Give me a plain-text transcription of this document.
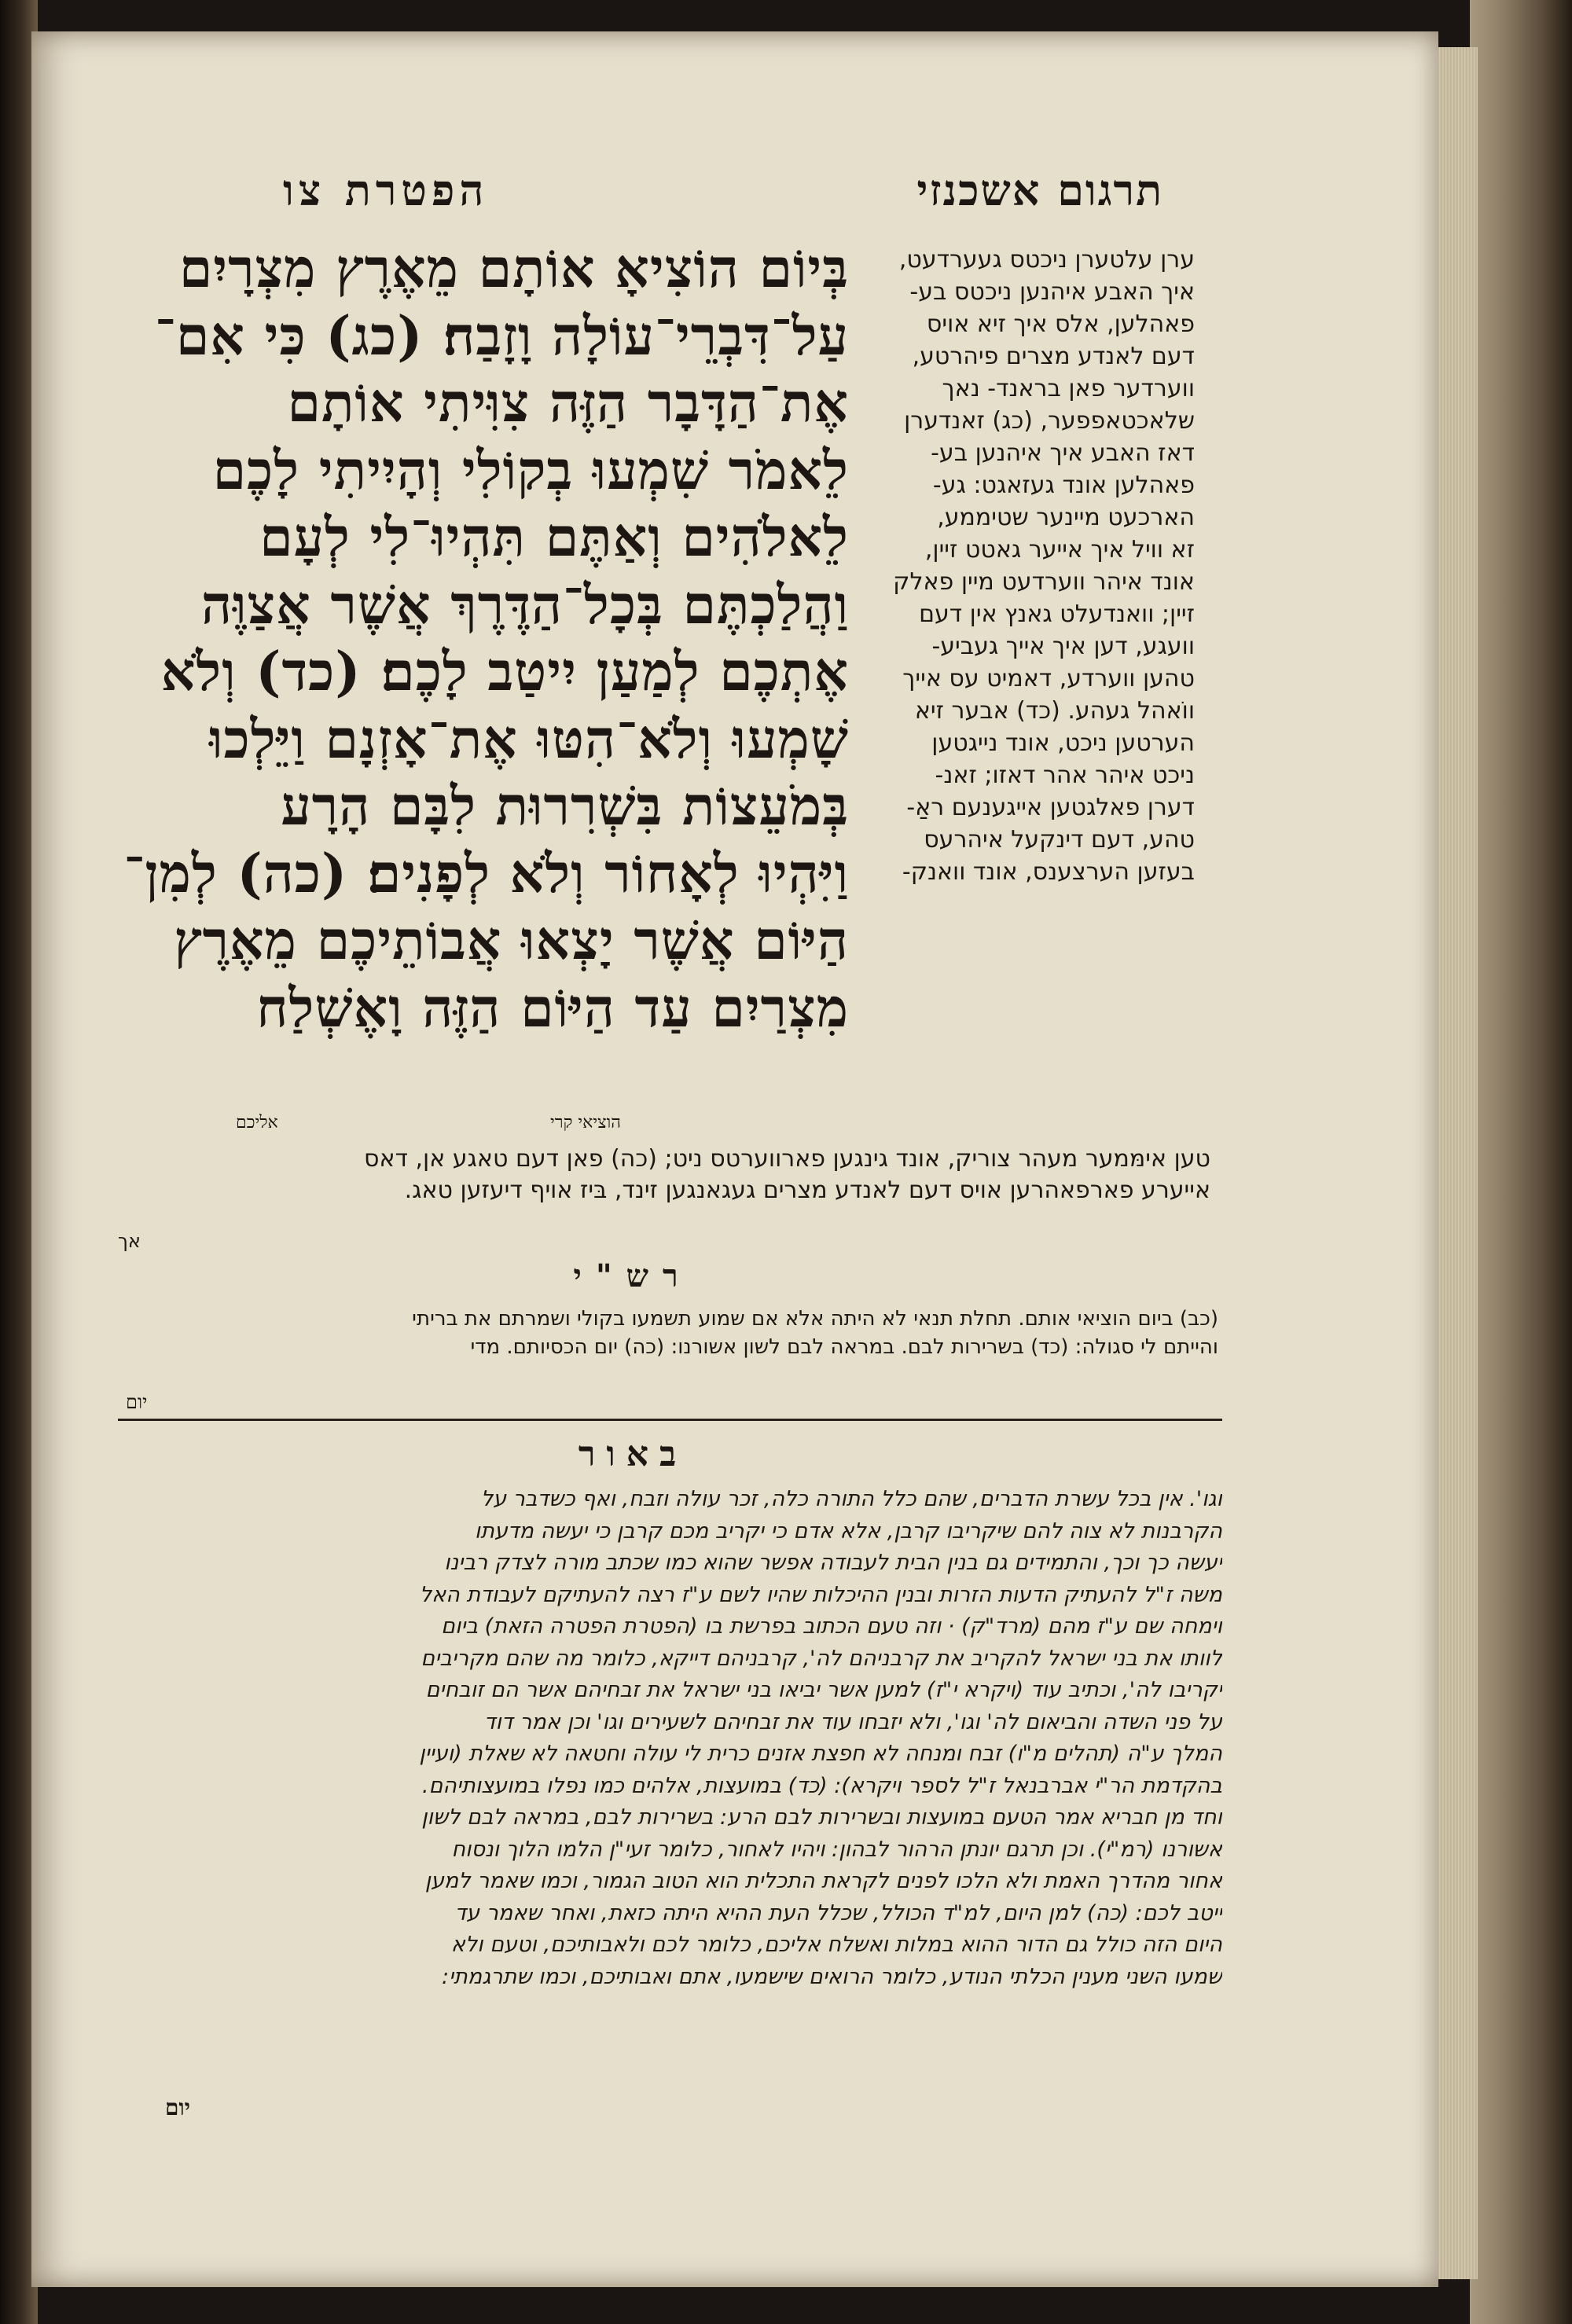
תרגום אשכנזי
הפטרת צו
בְּיוֹם הוֹצִיאָ אוֹתָם מֵאֶרֶץ מִצְרָיִם
עַל־דִּבְרֵי־עוֹלָה וָזָבַח׃ (כג) כִּי אִם־
אֶת־הַדָּבָר הַזֶּה צִוִּיתִי אוֹתָם
לֵאמֹר שִׁמְעוּ בְקוֹלִי וְהָיִיתִי לָכֶם
לֵאלֹהִים וְאַתֶּם תִּהְיוּ־לִי לְעָם
וַהֲלַכְתֶּם בְּכָל־הַדֶּרֶךְ אֲשֶׁר אֲצַוֶּה
אֶתְכֶם לְמַעַן יִיטַב לָכֶם׃ (כד) וְלֹא
שָׁמְעוּ וְלֹא־הִטּוּ אֶת־אָזְנָם וַיֵּלְכוּ
בְּמֹעֵצוֹת בִּשְׁרִרוּת לִבָּם הָרָע
וַיִּהְיוּ לְאָחוֹר וְלֹא לְפָנִים׃ (כה) לְמִן־
הַיּוֹם אֲשֶׁר יָצְאוּ אֲבוֹתֵיכֶם מֵאֶרֶץ
מִצְרַיִם עַד הַיּוֹם הַזֶּה וָאֶשְׁלַח
ערן עלטערן ניכטס געערדעט,
איך האבע איהנען ניכטס בע-
פאהלען, אלס איך זיא אויס
דעם לאנדע מצרים פיהרטע,
ווערדער פאן בראנד- נאך
שלאכטאפפער, (כג) זאנדערן
דאז האבע איך איהנען בע-
פאהלען אונד געזאגט: גע-
הארכעט מיינער שטיממע,
זא וויל איך אייער גאטט זיין,
אונד איהר ווערדעט מיין פאלק
זיין; וואנדעלט גאנץ אין דעם
וועגע, דען איך אייך געביע-
טהען ווערדע, דאמיט עס אייך
ווֹאהל געהע. (כד) אבער זיא
הערטען ניכט, אונד נייגטען
ניכט איהר אהר דאזו; זאנ-
דערן פאלגטען אייגענעם ראַ-
טהע, דעם דינקעל איהרעס
בעזען הערצענס, אונד וואנק-
אליכם	הוציאי קרי
טען אימּמער מעהר צוריק, אונד גינגען פארווערטס ניט; (כה) פאן דעם טאגע אן, דאס
אייערע פארפאהרען אויס דעם לאנדע מצרים געגאנגען זינד, בּיז אויף דיעזען טאג.
אך
רש"י
(כב) ביום הוציאי אותם. תחלת תנאי לא היתה אלא אם שמוע תשמעו בקולי ושמרתם את בריתי
והייתם לי סגולה: (כד) בשרירות לבם. במראה לבם לשון אשורנו: (כה) יום הכסיותם. מדי
יום
באור
וגו'. אין בכל עשרת הדברים, שהם כלל התורה כלה, זכר עולה וזבח, ואף כשדבר על
הקרבנות לא צוה להם שיקריבו קרבן, אלא אדם כי יקריב מכם קרבן כי יעשה מדעתו
יעשה כך וכך, והתמידים גם בנין הבית לעבודה אפשר שהוא כמו שכתב מורה לצדק רבינו
משה ז"ל להעתיק הדעות הזרות ובנין ההיכלות שהיו לשם ע"ז רצה להעתיקם לעבודת האל
וימחה שם ע"ז מהם (מרד"ק) · וזה טעם הכתוב בפרשת בו (הפטרת הפטרה הזאת) ביום
לוותו את בני ישראל להקריב את קרבניהם לה', קרבניהם דייקא, כלומר מה שהם מקריבים
יקריבו לה', וכתיב עוד (ויקרא י"ז) למען אשר יביאו בני ישראל את זבחיהם אשר הם זובחים
על פני השדה והביאום לה' וגו', ולא יזבחו עוד את זבחיהם לשעירים וגו' וכן אמר דוד
המלך ע"ה (תהלים מ"ו) זבח ומנחה לא חפצת אזנים כרית לי עולה וחטאה לא שאלת (ועיין
בהקדמת הר"י אברבנאל ז"ל לספר ויקרא): (כד) במועצות, אלהים כמו נפלו במועצותיהם.
וחד מן חבריא אמר הטעם במועצות ובשרירות לבם הרע: בשרירות לבם, במראה לבם לשון
אשורנו (רמ"י). וכן תרגם יונתן הרהור לבהון: ויהיו לאחור, כלומר זעי"ן הלמו הלוך ונסוח
אחור מהדרך האמת ולא הלכו לפנים לקראת התכלית הוא הטוב הגמור, וכמו שאמר למען
ייטב לכם: (כה) למן היום, למ"ד הכולל, שכלל העת ההיא היתה כזאת, ואחר שאמר עד
היום הזה כולל גם הדור ההוא במלות ואשלח אליכם, כלומר לכם ולאבותיכם, וטעם ולא
שמעו השני מענין הכלתי הנודע, כלומר הרואים שישמעו, אתם ואבותיכם, וכמו שתרגמתי:
יום
